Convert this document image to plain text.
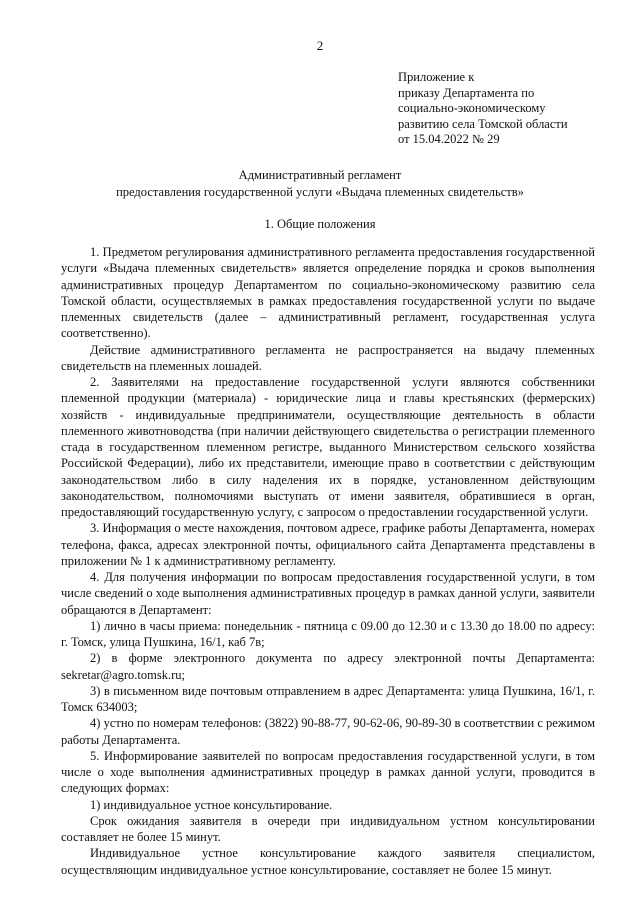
2
Приложение к
приказу Департамента по
социально-экономическому
развитию села Томской области
от 15.04.2022 № 29
Административный регламент
предоставления государственной услуги «Выдача племенных свидетельств»
1. Общие положения

1. Предметом регулирования административного регламента предоставления государственной услуги «Выдача племенных свидетельств» является определение порядка и сроков выполнения административных процедур Департаментом по социально-экономическому развитию села Томской области, осуществляемых в рамках предоставления государственной услуги по выдаче племенных свидетельств (далее – административный регламент, государственная услуга соответственно).

Действие административного регламента не распространяется на выдачу племенных свидетельств на племенных лошадей.

2. Заявителями на предоставление государственной услуги являются собственники племенной продукции (материала) - юридические лица и главы крестьянских (фермерских) хозяйств - индивидуальные предприниматели, осуществляющие деятельность в области племенного животноводства (при наличии действующего свидетельства о регистрации племенного стада в государственном племенном регистре, выданного Министерством сельского хозяйства Российской Федерации), либо их представители, имеющие право в соответствии с действующим законодательством либо в силу наделения их в порядке, установленном действующим законодательством, полномочиями выступать от имени заявителя, обратившиеся в орган, предоставляющий государственную услугу, с запросом о предоставлении государственной услуги.

3. Информация о месте нахождения, почтовом адресе, графике работы Департамента, номерах телефона, факса, адресах электронной почты, официального сайта Департамента представлены в приложении № 1 к административному регламенту.

4. Для получения информации по вопросам предоставления государственной услуги, в том числе сведений о ходе выполнения административных процедур в рамках данной услуги, заявители обращаются в Департамент:

1) лично в часы приема: понедельник - пятница с 09.00 до 12.30 и с 13.30 до 18.00 по адресу: г. Томск, улица Пушкина, 16/1, каб 7в;

2) в форме электронного документа по адресу электронной почты Департамента: sekretar@agro.tomsk.ru;

3) в письменном виде почтовым отправлением в адрес Департамента: улица Пушкина, 16/1, г. Томск 634003;

4) устно по номерам телефонов: (3822) 90-88-77, 90-62-06, 90-89-30 в соответствии с режимом работы Департамента.

5. Информирование заявителей по вопросам предоставления государственной услуги, в том числе о ходе выполнения административных процедур в рамках данной услуги, проводится в следующих формах:

1) индивидуальное устное консультирование.

Срок ожидания заявителя в очереди при индивидуальном устном консультировании составляет не более 15 минут.

Индивидуальное устное консультирование каждого заявителя специалистом, осуществляющим индивидуальное устное консультирование, составляет не более 15 минут.
